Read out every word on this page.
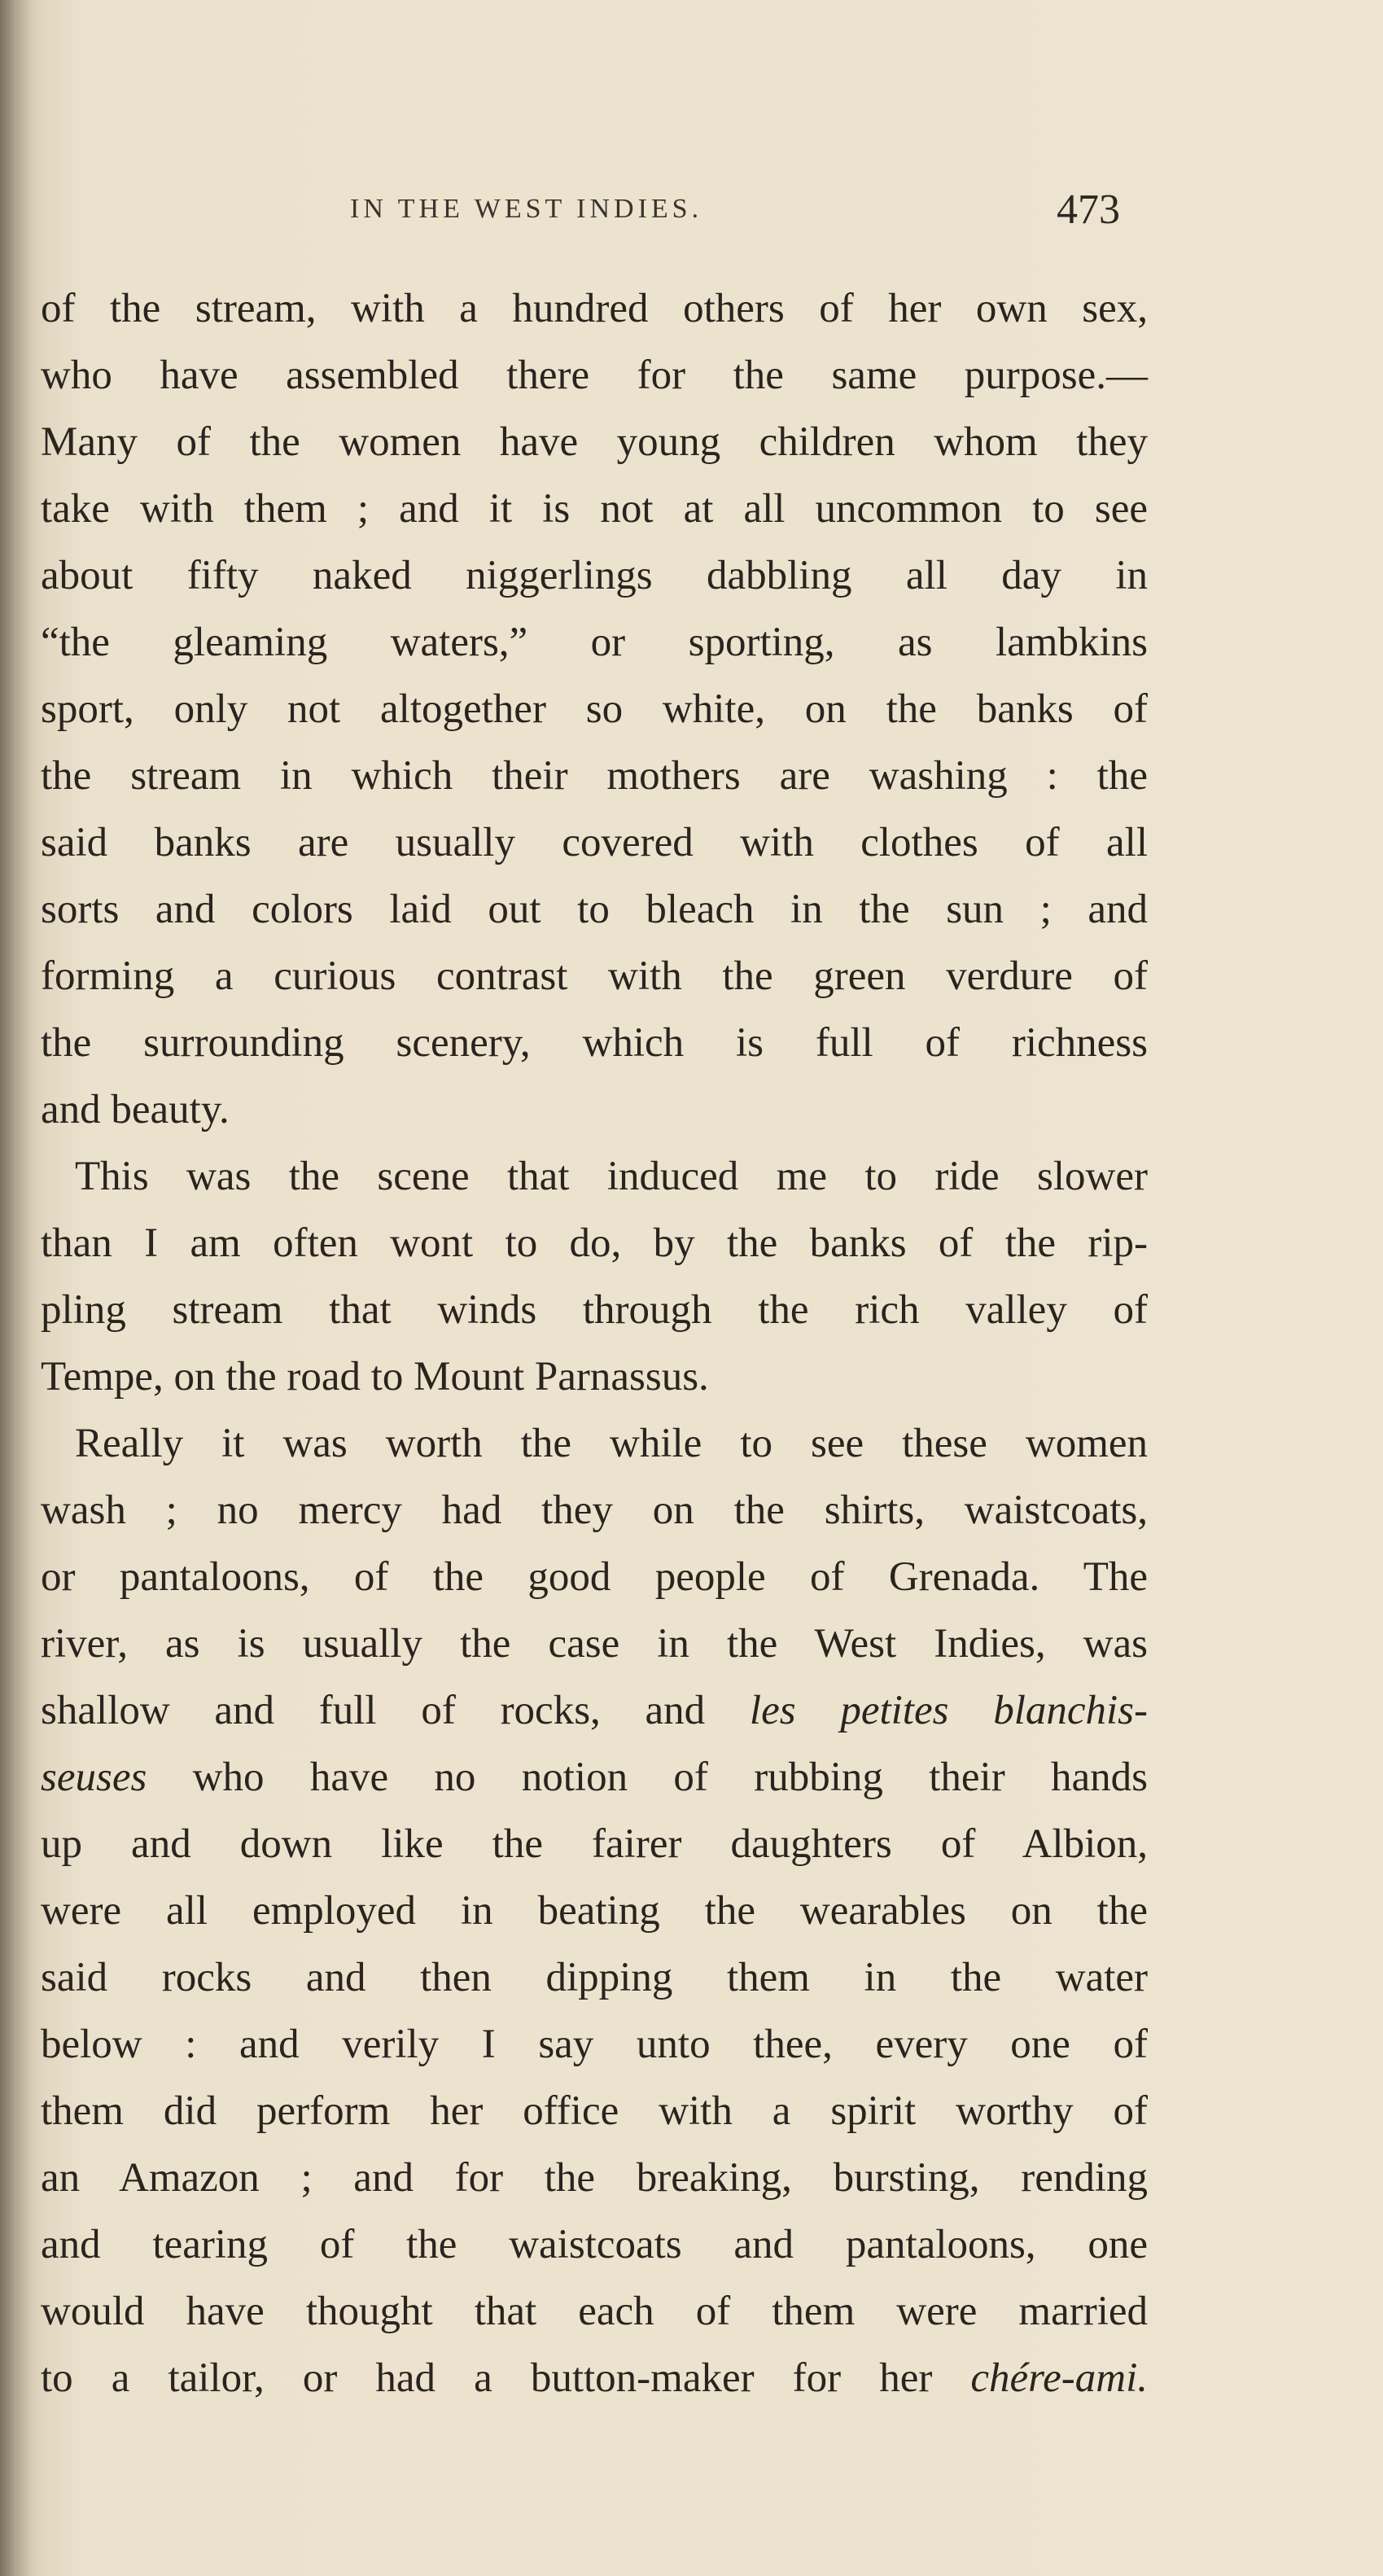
IN THE WEST INDIES.	473
of the stream, with a hundred others of her own sex,
who have assembled there for the same purpose.—
Many of the women have young children whom they
take with them ; and it is not at all uncommon to see
about fifty naked niggerlings dabbling all day in
“the gleaming waters,” or sporting, as lambkins
sport, only not altogether so white, on the banks of
the stream in which their mothers are washing : the
said banks are usually covered with clothes of all
sorts and colors laid out to bleach in the sun ; and
forming a curious contrast with the green verdure of
the surrounding scenery, which is full of richness
and beauty.
This was the scene that induced me to ride slower
than I am often wont to do, by the banks of the rip-
pling stream that winds through the rich valley of
Tempe, on the road to Mount Parnassus.
Really it was worth the while to see these women
wash ; no mercy had they on the shirts, waistcoats,
or pantaloons, of the good people of Grenada. The
river, as is usually the case in the West Indies, was
shallow and full of rocks, and les petites blanchis-
seuses who have no notion of rubbing their hands
up and down like the fairer daughters of Albion,
were all employed in beating the wearables on the
said rocks and then dipping them in the water
below : and verily I say unto thee, every one of
them did perform her office with a spirit worthy of
an Amazon ; and for the breaking, bursting, rending
and tearing of the waistcoats and pantaloons, one
would have thought that each of them were married
to a tailor, or had a button-maker for her chére-ami.
